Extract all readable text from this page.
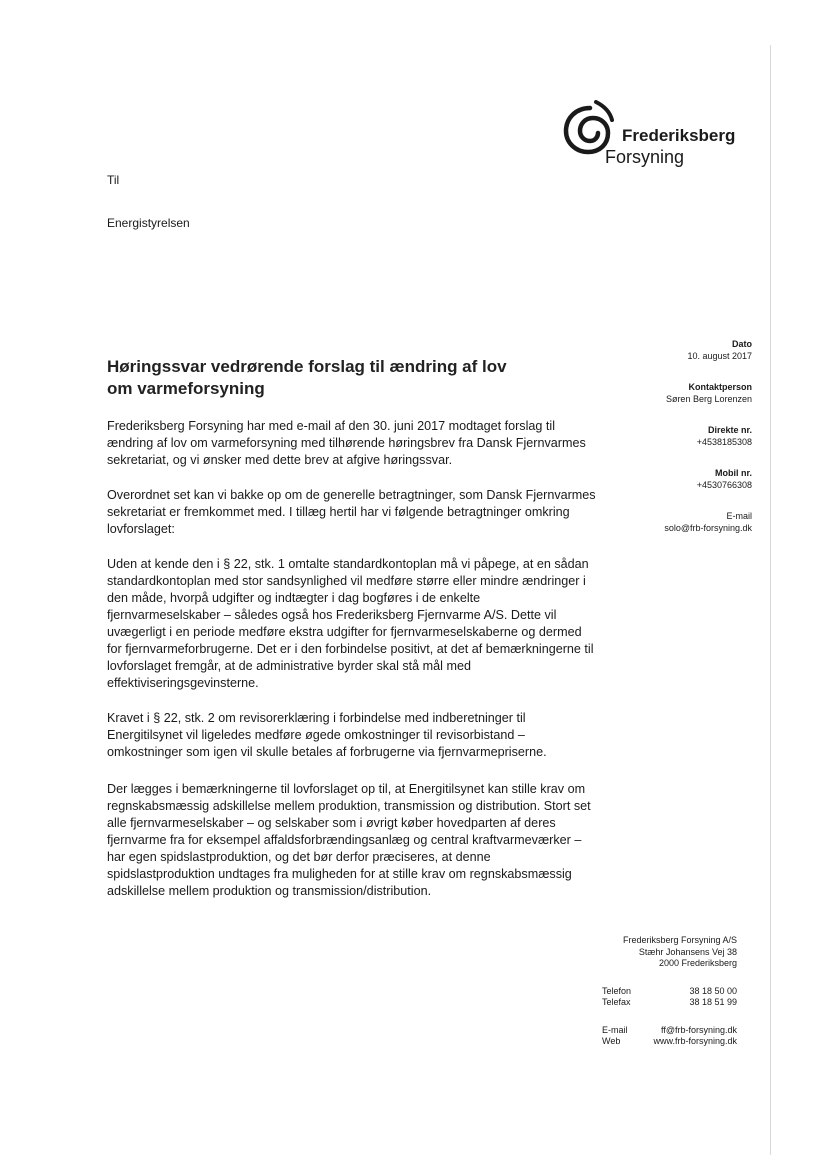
Frederiksberg
Forsyning
Til
Energistyrelsen
Høringssvar vedrørende forslag til ændring af lov om varmeforsyning

Frederiksberg Forsyning har med e-mail af den 30. juni 2017 modtaget forslag til ændring af lov om varmeforsyning med tilhørende høringsbrev fra Dansk Fjernvarmes sekretariat, og vi ønsker med dette brev at afgive høringssvar.

Overordnet set kan vi bakke op om de generelle betragtninger, som Dansk Fjernvarmes sekretariat er fremkommet med. I tillæg hertil har vi følgende betragtninger omkring lovforslaget:

Uden at kende den i § 22, stk. 1 omtalte standardkontoplan må vi påpege, at en sådan standardkontoplan med stor sandsynlighed vil medføre større eller mindre ændringer i den måde, hvorpå udgifter og indtægter i dag bogføres i de enkelte fjernvarmeselskaber – således også hos Frederiksberg Fjernvarme A/S. Dette vil uvægerligt i en periode medføre ekstra udgifter for fjernvarmeselskaberne og dermed for fjernvarmeforbrugerne. Det er i den forbindelse positivt, at det af bemærkningerne til lovforslaget fremgår, at de administrative byrder skal stå mål med effektiviseringsgevinsterne.

Kravet i § 22, stk. 2 om revisorerklæring i forbindelse med indberetninger til Energitilsynet vil ligeledes medføre øgede omkostninger til revisorbistand – omkostninger som igen vil skulle betales af forbrugerne via fjernvarmepriserne.

Der lægges i bemærkningerne til lovforslaget op til, at Energitilsynet kan stille krav om regnskabsmæssig adskillelse mellem produktion, transmission og distribution. Stort set alle fjernvarmeselskaber – og selskaber som i øvrigt køber hovedparten af deres fjernvarme fra for eksempel affaldsforbrændingsanlæg og central kraftvarmeværker – har egen spidslastproduktion, og det bør derfor præciseres, at denne spidslastproduktion undtages fra muligheden for at stille krav om regnskabsmæssig adskillelse mellem produktion og transmission/distribution.

Dato
10. august 2017
Kontaktperson
Søren Berg Lorenzen
Direkte nr.
+4538185308
Mobil nr.
+4530766308
E-mail
solo@frb-forsyning.dk
Frederiksberg Forsyning A/S
Stæhr Johansens Vej 38
2000 Frederiksberg
Telefon	38 18 50 00
Telefax	38 18 51 99
E-mail	ff@frb-forsyning.dk
Web	www.frb-forsyning.dk
